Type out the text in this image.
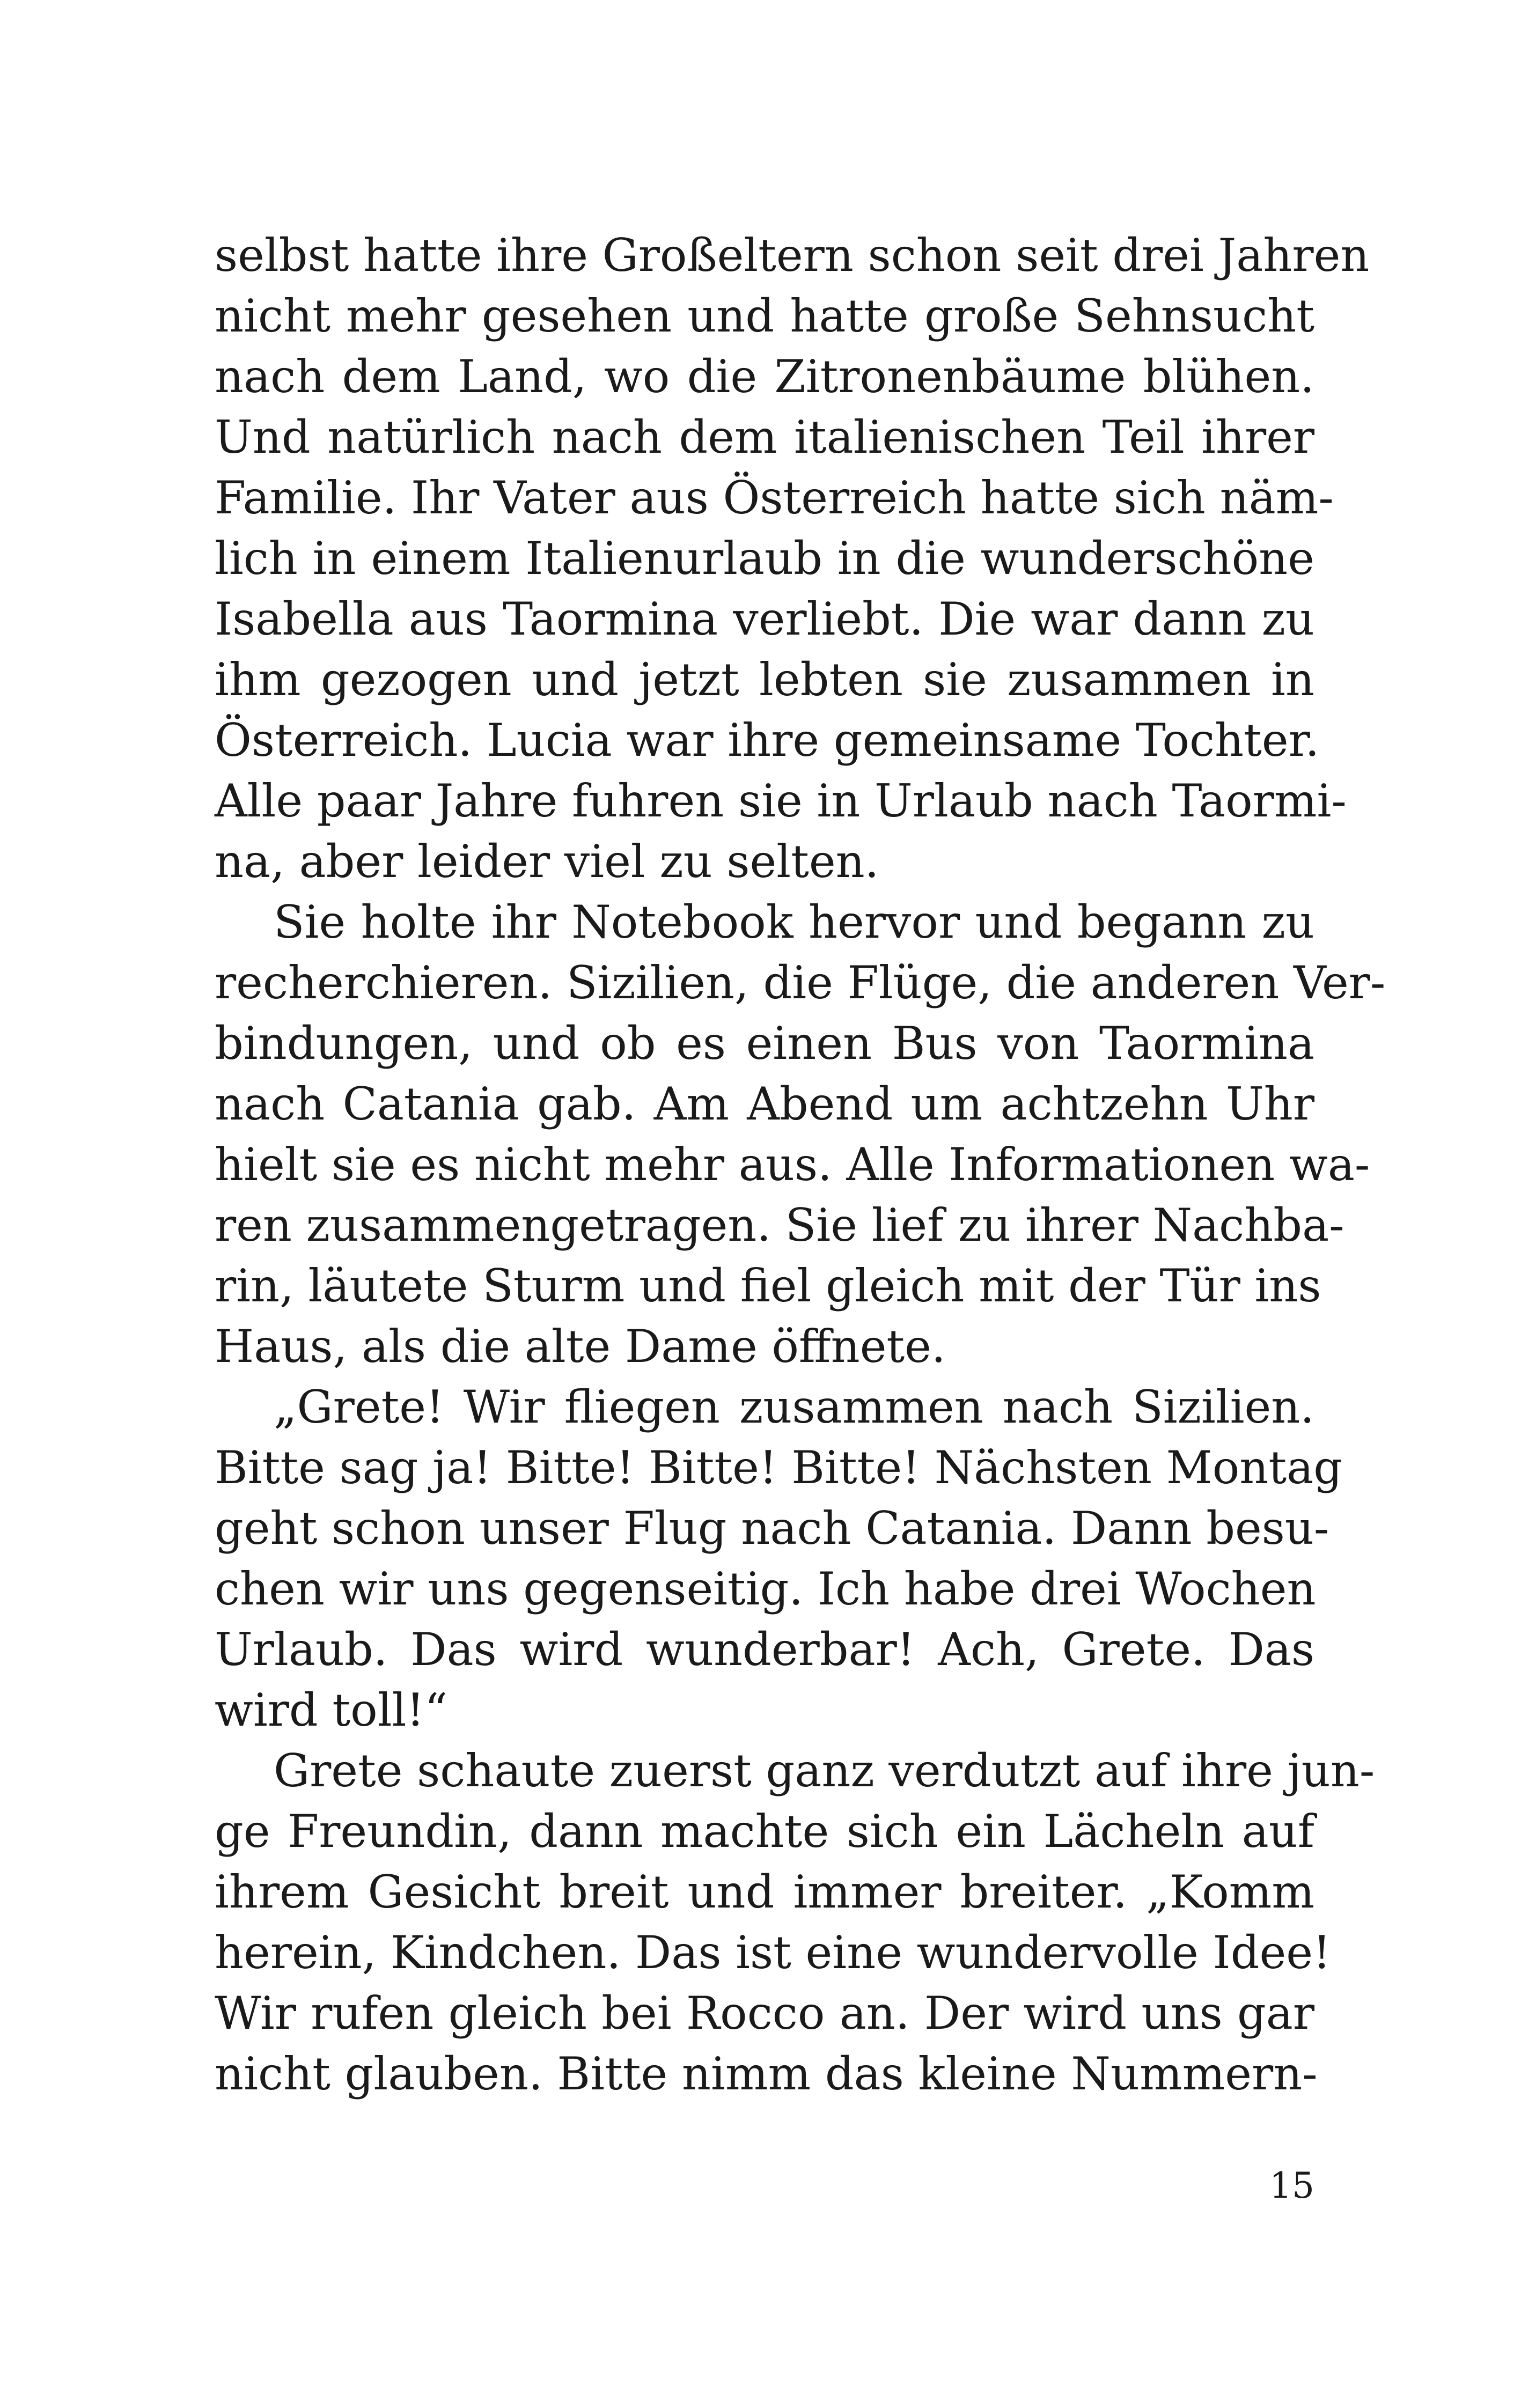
selbst hatte ihre Großeltern schon seit drei Jahren
nicht mehr gesehen und hatte große Sehnsucht
nach dem Land, wo die Zitronenbäume blühen.
Und natürlich nach dem italienischen Teil ihrer
Familie. Ihr Vater aus Österreich hatte sich näm-
lich in einem Italienurlaub in die wunderschöne
Isabella aus Taormina verliebt. Die war dann zu
ihm gezogen und jetzt lebten sie zusammen in
Österreich. Lucia war ihre gemeinsame Tochter.
Alle paar Jahre fuhren sie in Urlaub nach Taormi-
na, aber leider viel zu selten.
Sie holte ihr Notebook hervor und begann zu
recherchieren. Sizilien, die Flüge, die anderen Ver-
bindungen, und ob es einen Bus von Taormina
nach Catania gab. Am Abend um achtzehn Uhr
hielt sie es nicht mehr aus. Alle Informationen wa-
ren zusammengetragen. Sie lief zu ihrer Nachba-
rin, läutete Sturm und fiel gleich mit der Tür ins
Haus, als die alte Dame öffnete.
„Grete! Wir fliegen zusammen nach Sizilien.
Bitte sag ja! Bitte! Bitte! Bitte! Nächsten Montag
geht schon unser Flug nach Catania. Dann besu-
chen wir uns gegenseitig. Ich habe drei Wochen
Urlaub. Das wird wunderbar! Ach, Grete. Das
wird toll!“
Grete schaute zuerst ganz verdutzt auf ihre jun-
ge Freundin, dann machte sich ein Lächeln auf
ihrem Gesicht breit und immer breiter. „Komm
herein, Kindchen. Das ist eine wundervolle Idee!
Wir rufen gleich bei Rocco an. Der wird uns gar
nicht glauben. Bitte nimm das kleine Nummern-
15
